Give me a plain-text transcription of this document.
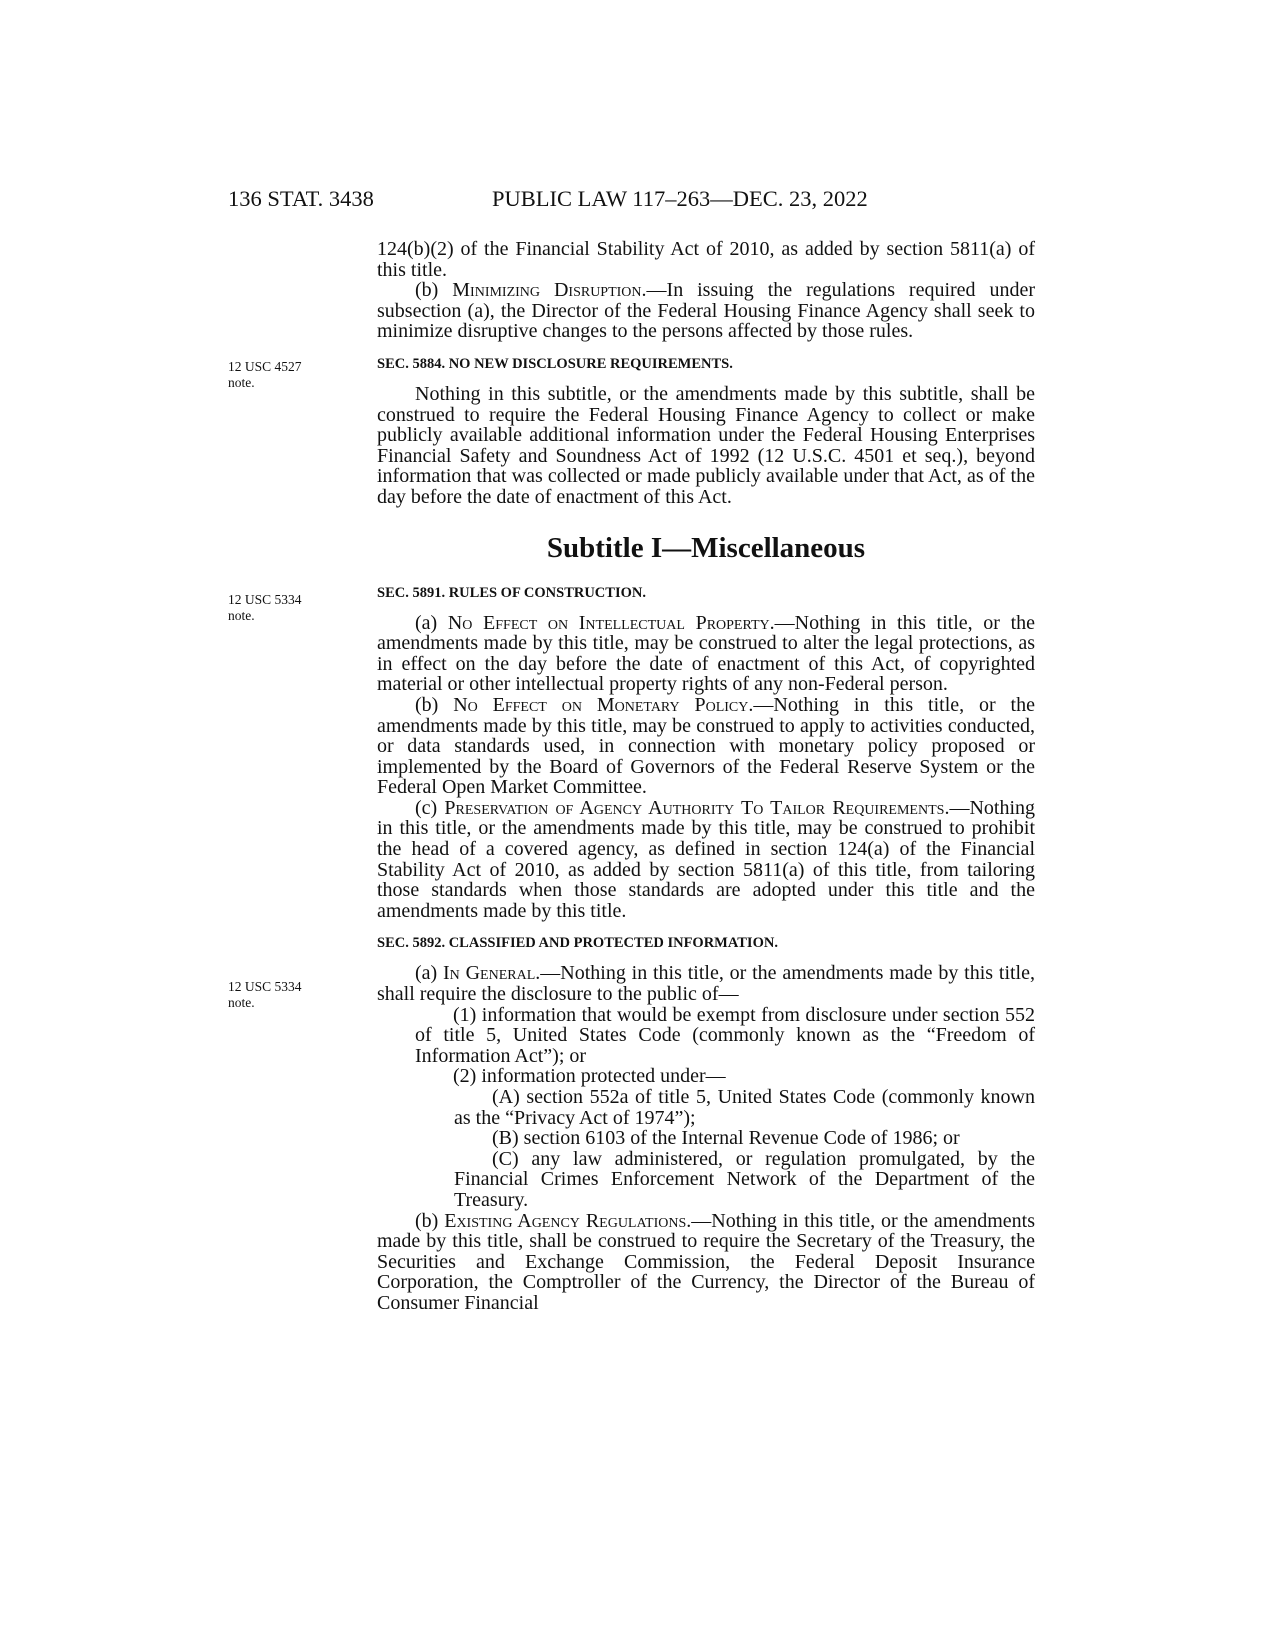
136 STAT. 3438	PUBLIC LAW 117–263—DEC. 23, 2022
12 USC 4527
note.
12 USC 5334
note.
12 USC 5334
note.

124(b)(2) of the Financial Stability Act of 2010, as added by section 5811(a) of this title.

(b) Minimizing Disruption.—In issuing the regulations required under subsection (a), the Director of the Federal Housing Finance Agency shall seek to minimize disruptive changes to the persons affected by those rules.

SEC. 5884. NO NEW DISCLOSURE REQUIREMENTS.

Nothing in this subtitle, or the amendments made by this subtitle, shall be construed to require the Federal Housing Finance Agency to collect or make publicly available additional information under the Federal Housing Enterprises Financial Safety and Soundness Act of 1992 (12 U.S.C. 4501 et seq.), beyond information that was collected or made publicly available under that Act, as of the day before the date of enactment of this Act.

Subtitle I—Miscellaneous
SEC. 5891. RULES OF CONSTRUCTION.

(a) No Effect on Intellectual Property.—Nothing in this title, or the amendments made by this title, may be construed to alter the legal protections, as in effect on the day before the date of enactment of this Act, of copyrighted material or other intellectual property rights of any non-Federal person.

(b) No Effect on Monetary Policy.—Nothing in this title, or the amendments made by this title, may be construed to apply to activities conducted, or data standards used, in connection with monetary policy proposed or implemented by the Board of Governors of the Federal Reserve System or the Federal Open Market Committee.

(c) Preservation of Agency Authority To Tailor Requirements.—Nothing in this title, or the amendments made by this title, may be construed to prohibit the head of a covered agency, as defined in section 124(a) of the Financial Stability Act of 2010, as added by section 5811(a) of this title, from tailoring those standards when those standards are adopted under this title and the amendments made by this title.

SEC. 5892. CLASSIFIED AND PROTECTED INFORMATION.

(a) In General.—Nothing in this title, or the amendments made by this title, shall require the disclosure to the public of—

(1) information that would be exempt from disclosure under section 552 of title 5, United States Code (commonly known as the “Freedom of Information Act”); or

(2) information protected under—

(A) section 552a of title 5, United States Code (commonly known as the “Privacy Act of 1974”);

(B) section 6103 of the Internal Revenue Code of 1986; or

(C) any law administered, or regulation promulgated, by the Financial Crimes Enforcement Network of the Department of the Treasury.

(b) Existing Agency Regulations.—Nothing in this title, or the amendments made by this title, shall be construed to require the Secretary of the Treasury, the Securities and Exchange Commission, the Federal Deposit Insurance Corporation, the Comptroller of the Currency, the Director of the Bureau of Consumer Financial
